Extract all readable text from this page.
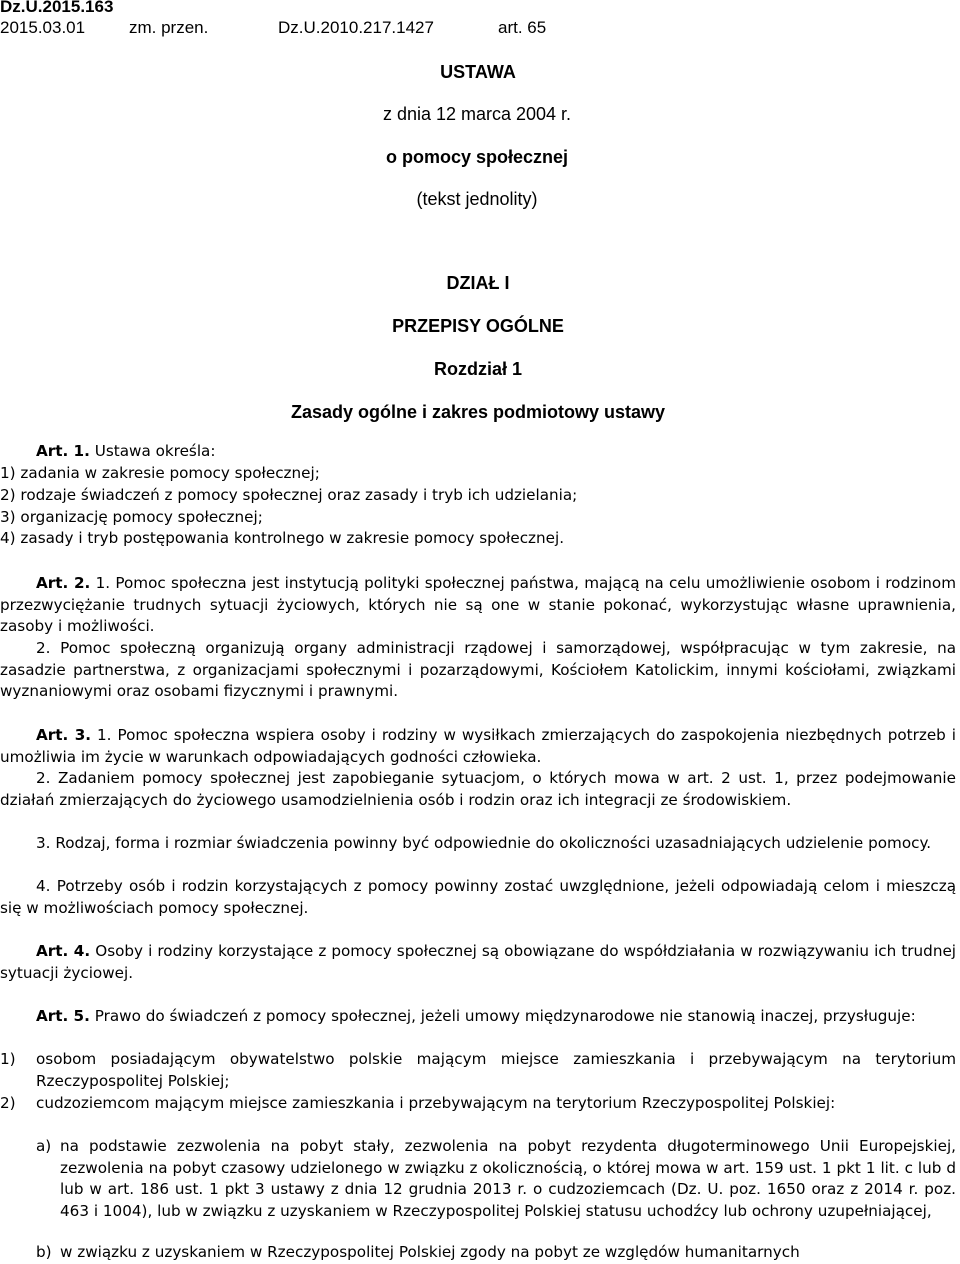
Dz.U.2015.163
2015.03.01	zm. przen.	Dz.U.2010.217.1427	art. 65
USTAWA
z dnia 12 marca 2004 r.
o pomocy społecznej
(tekst jednolity)
DZIAŁ I
PRZEPISY OGÓLNE
Rozdział 1
Zasady ogólne i zakres podmiotowy ustawy
Art. 1. Ustawa określa:
1) zadania w zakresie pomocy społecznej;
2) rodzaje świadczeń z pomocy społecznej oraz zasady i tryb ich udzielania;
3) organizację pomocy społecznej;
4) zasady i tryb postępowania kontrolnego w zakresie pomocy społecznej.
Art. 2. 1. Pomoc społeczna jest instytucją polityki społecznej państwa, mającą na celu umożliwienie osobom i rodzinom przezwyciężanie trudnych sytuacji życiowych, których nie są one w stanie pokonać, wykorzystując własne uprawnienia, zasoby i możliwości.
2. Pomoc społeczną organizują organy administracji rządowej i samorządowej, współpracując w tym zakresie, na zasadzie partnerstwa, z organizacjami społecznymi i pozarządowymi, Kościołem Katolickim, innymi kościołami, związkami wyznaniowymi oraz osobami fizycznymi i prawnymi.
Art. 3. 1. Pomoc społeczna wspiera osoby i rodziny w wysiłkach zmierzających do zaspokojenia niezbędnych potrzeb i umożliwia im życie w warunkach odpowiadających godności człowieka.
2. Zadaniem pomocy społecznej jest zapobieganie sytuacjom, o których mowa w art. 2 ust. 1, przez podejmowanie działań zmierzających do życiowego usamodzielnienia osób i rodzin oraz ich integracji ze środowiskiem.
3. Rodzaj, forma i rozmiar świadczenia powinny być odpowiednie do okoliczności uzasadniających udzielenie pomocy.
4. Potrzeby osób i rodzin korzystających z pomocy powinny zostać uwzględnione, jeżeli odpowiadają celom i mieszczą się w możliwościach pomocy społecznej.
Art. 4. Osoby i rodziny korzystające z pomocy społecznej są obowiązane do współdziałania w rozwiązywaniu ich trudnej sytuacji życiowej.
Art. 5. Prawo do świadczeń z pomocy społecznej, jeżeli umowy międzynarodowe nie stanowią inaczej, przysługuje:
1) osobom posiadającym obywatelstwo polskie mającym miejsce zamieszkania i przebywającym na terytorium Rzeczypospolitej Polskiej;
2) cudzoziemcom mającym miejsce zamieszkania i przebywającym na terytorium Rzeczypospolitej Polskiej:
a) na podstawie zezwolenia na pobyt stały, zezwolenia na pobyt rezydenta długoterminowego Unii Europejskiej, zezwolenia na pobyt czasowy udzielonego w związku z okolicznością, o której mowa w art. 159 ust. 1 pkt 1 lit. c lub d lub w art. 186 ust. 1 pkt 3 ustawy z dnia 12 grudnia 2013 r. o cudzoziemcach (Dz. U. poz. 1650 oraz z 2014 r. poz. 463 i 1004), lub w związku z uzyskaniem w Rzeczypospolitej Polskiej statusu uchodźcy lub ochrony uzupełniającej,
b) w związku z uzyskaniem w Rzeczypospolitej Polskiej zgody na pobyt ze względów humanitarnych
